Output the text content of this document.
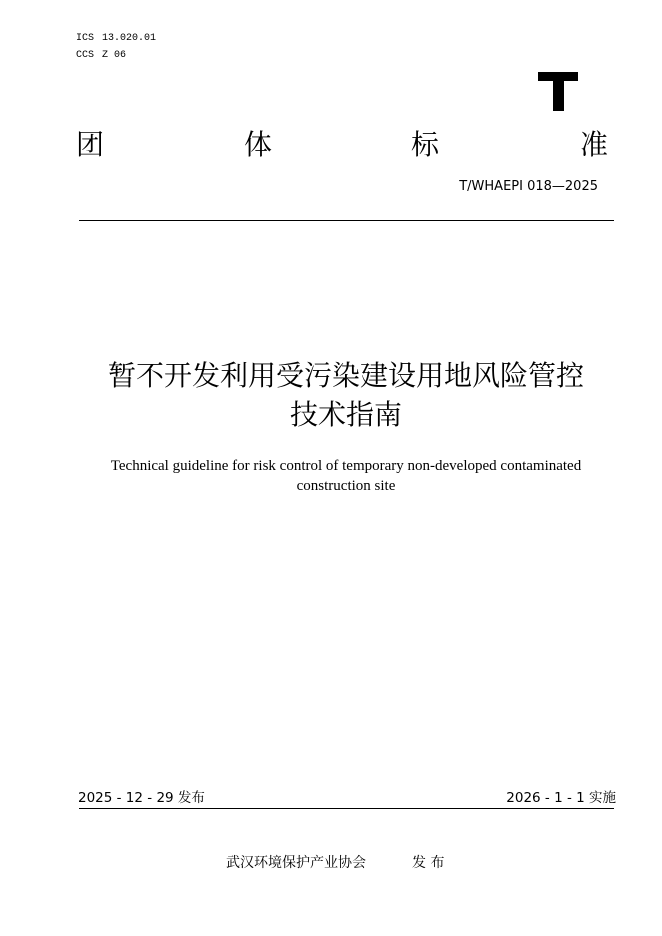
ICS 13.020.01
CCS Z 06
团	体	标	准
T/WHAEPI 018—2025
暂不开发利用受污染建设用地风险管控
技术指南
Technical guideline for risk control of temporary non-developed contaminated
construction site
2025 - 12 - 29 发布	2026 - 1 - 1 实施
武汉环境保护产业协会	发 布
